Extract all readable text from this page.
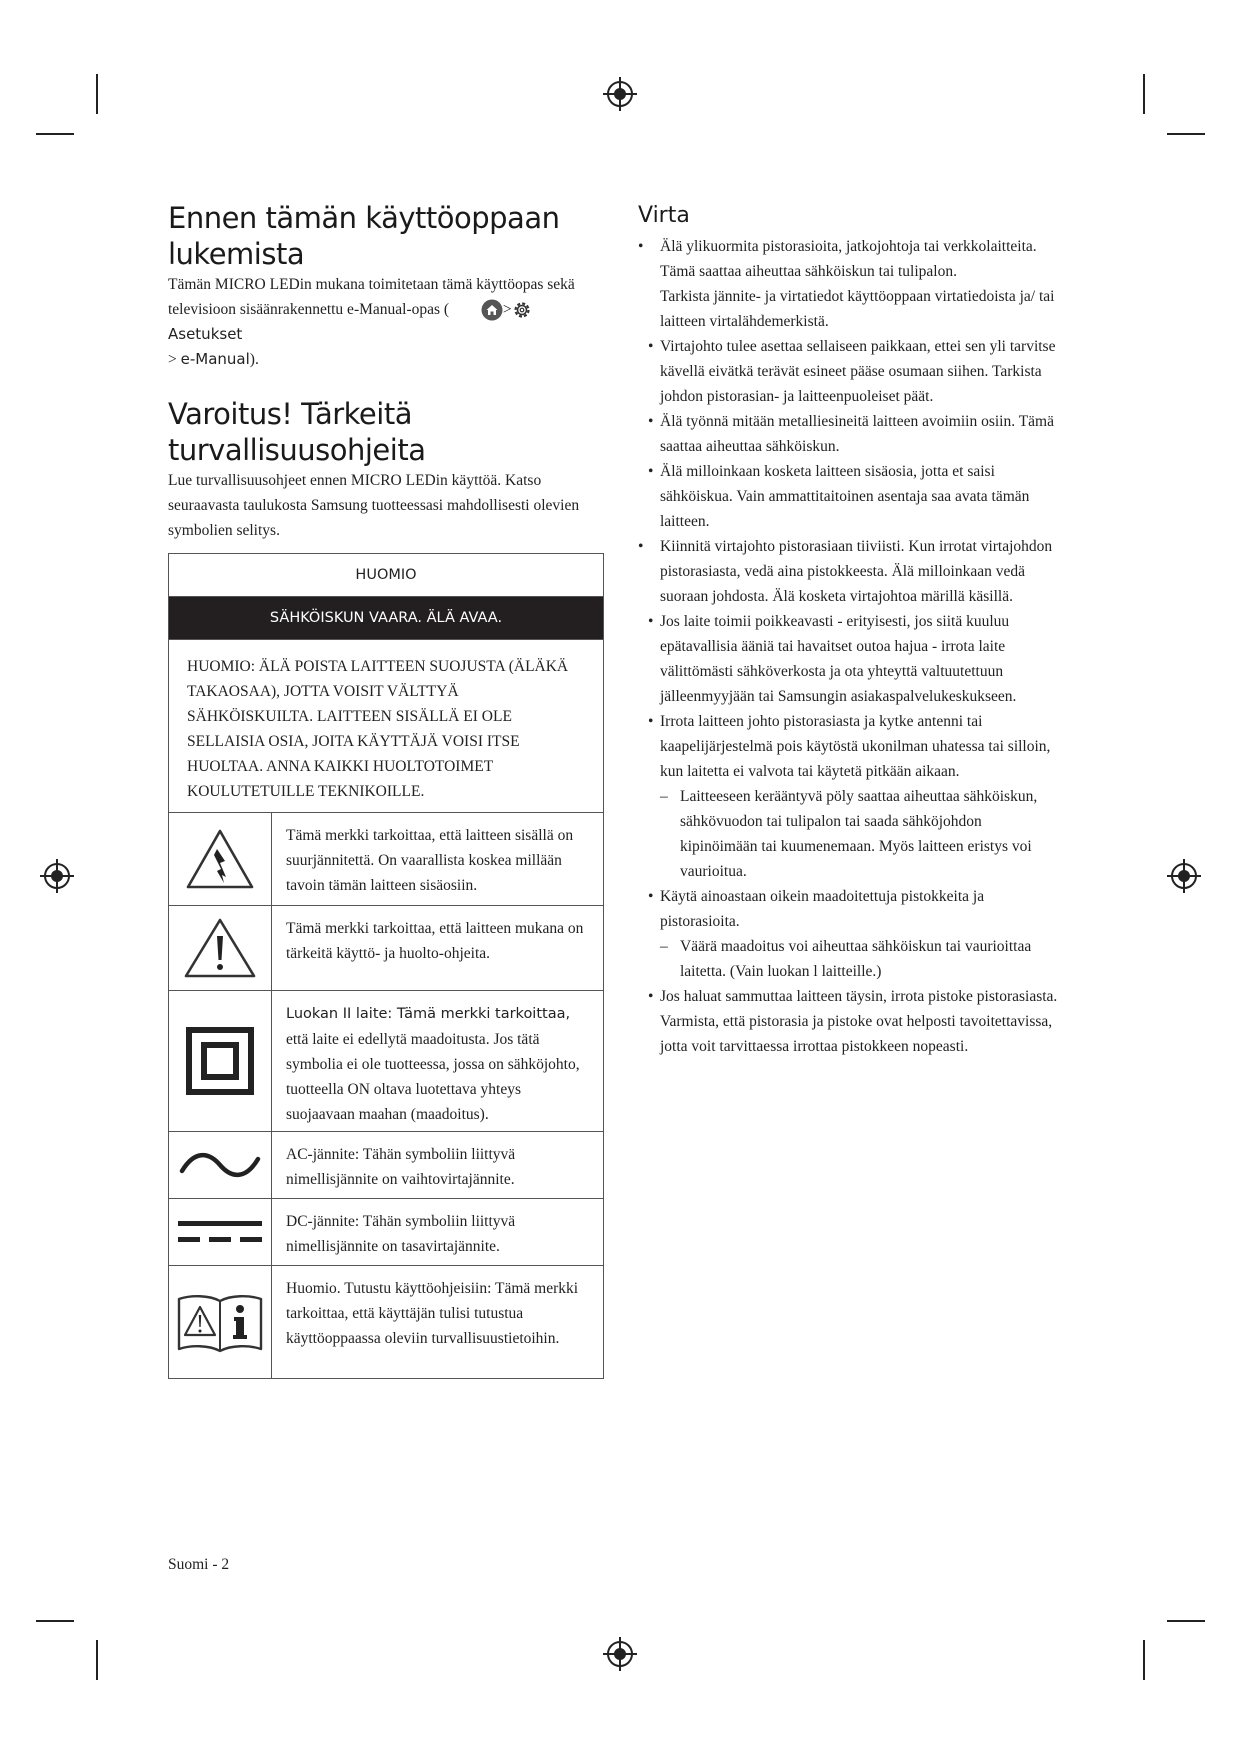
Ennen tämän käyttöoppaan
lukemista

Tämän MICRO LEDin mukana toimitetaan tämä käyttöopas sekä
televisioon sisäänrakennettu e-Manual-opas (	>Asetukset
> e-Manual).

Varoitus! Tärkeitä
turvallisuusohjeita

Lue turvallisuusohjeet ennen MICRO LEDin käyttöä. Katso seuraavasta taulukosta Samsung tuotteessasi mahdollisesti olevien symbolien selitys.

HUOMIO
SÄHKÖISKUN VAARA. ÄLÄ AVAA.
HUOMIO: ÄLÄ POISTA LAITTEEN SUOJUSTA (ÄLÄKÄ TAKAOSAA), JOTTA VOISIT VÄLTTYÄ SÄHKÖISKUILTA. LAITTEEN SISÄLLÄ EI OLE SELLAISIA OSIA, JOITA KÄYTTÄJÄ VOISI ITSE HUOLTAA. ANNA KAIKKI HUOLTOTOIMET KOULUTETUILLE TEKNIKOILLE.
Tämä merkki tarkoittaa, että laitteen sisällä on suurjännitettä. On vaarallista koskea millään tavoin tämän laitteen sisäosiin.
Tämä merkki tarkoittaa, että laitteen mukana on tärkeitä käyttö- ja huolto-ohjeita.
Luokan II laite: Tämä merkki tarkoittaa,
että laite ei edellytä maadoitusta. Jos tätä symbolia ei ole tuotteessa, jossa on sähköjohto, tuotteella ON oltava luotettava yhteys suojaavaan maahan (maadoitus).
AC-jännite: Tähän symboliin liittyvä nimellisjännite on vaihtovirtajännite.
DC-jännite: Tähän symboliin liittyvä nimellisjännite on tasavirtajännite.
Huomio. Tutustu käyttöohjeisiin: Tämä merkki tarkoittaa, että käyttäjän tulisi tutustua käyttöoppaassa oleviin turvallisuustietoihin.
Virta
• Älä ylikuormita pistorasioita, jatkojohtoja tai verkkolaitteita. Tämä saattaa aiheuttaa sähköiskun tai tulipalon.
Tarkista jännite- ja virtatiedot käyttöoppaan virtatiedoista ja/ tai laitteen virtalähdemerkistä.
• Virtajohto tulee asettaa sellaiseen paikkaan, ettei sen yli tarvitse kävellä eivätkä terävät esineet pääse osumaan siihen. Tarkista johdon pistorasian- ja laitteenpuoleiset päät.
• Älä työnnä mitään metalliesineitä laitteen avoimiin osiin. Tämä saattaa aiheuttaa sähköiskun.
• Älä milloinkaan kosketa laitteen sisäosia, jotta et saisi sähköiskua. Vain ammattitaitoinen asentaja saa avata tämän laitteen.
• Kiinnitä virtajohto pistorasiaan tiiviisti. Kun irrotat virtajohdon pistorasiasta, vedä aina pistokkeesta. Älä milloinkaan vedä suoraan johdosta. Älä kosketa virtajohtoa märillä käsillä.
• Jos laite toimii poikkeavasti - erityisesti, jos siitä kuuluu epätavallisia ääniä tai havaitset outoa hajua - irrota laite välittömästi sähköverkosta ja ota yhteyttä valtuutettuun jälleenmyyjään tai Samsungin asiakaspalvelukeskukseen.
• Irrota laitteen johto pistorasiasta ja kytke antenni tai kaapelijärjestelmä pois käytöstä ukonilman uhatessa tai silloin, kun laitetta ei valvota tai käytetä pitkään aikaan.
– Laitteeseen kerääntyvä pöly saattaa aiheuttaa sähköiskun, sähkövuodon tai tulipalon tai saada sähköjohdon kipinöimään tai kuumenemaan. Myös laitteen eristys voi vaurioitua.
• Käytä ainoastaan oikein maadoitettuja pistokkeita ja pistorasioita.
– Väärä maadoitus voi aiheuttaa sähköiskun tai vaurioittaa laitetta. (Vain luokan l laitteille.)
• Jos haluat sammuttaa laitteen täysin, irrota pistoke pistorasiasta. Varmista, että pistorasia ja pistoke ovat helposti tavoitettavissa, jotta voit tarvittaessa irrottaa pistokkeen nopeasti.
Suomi - 2
